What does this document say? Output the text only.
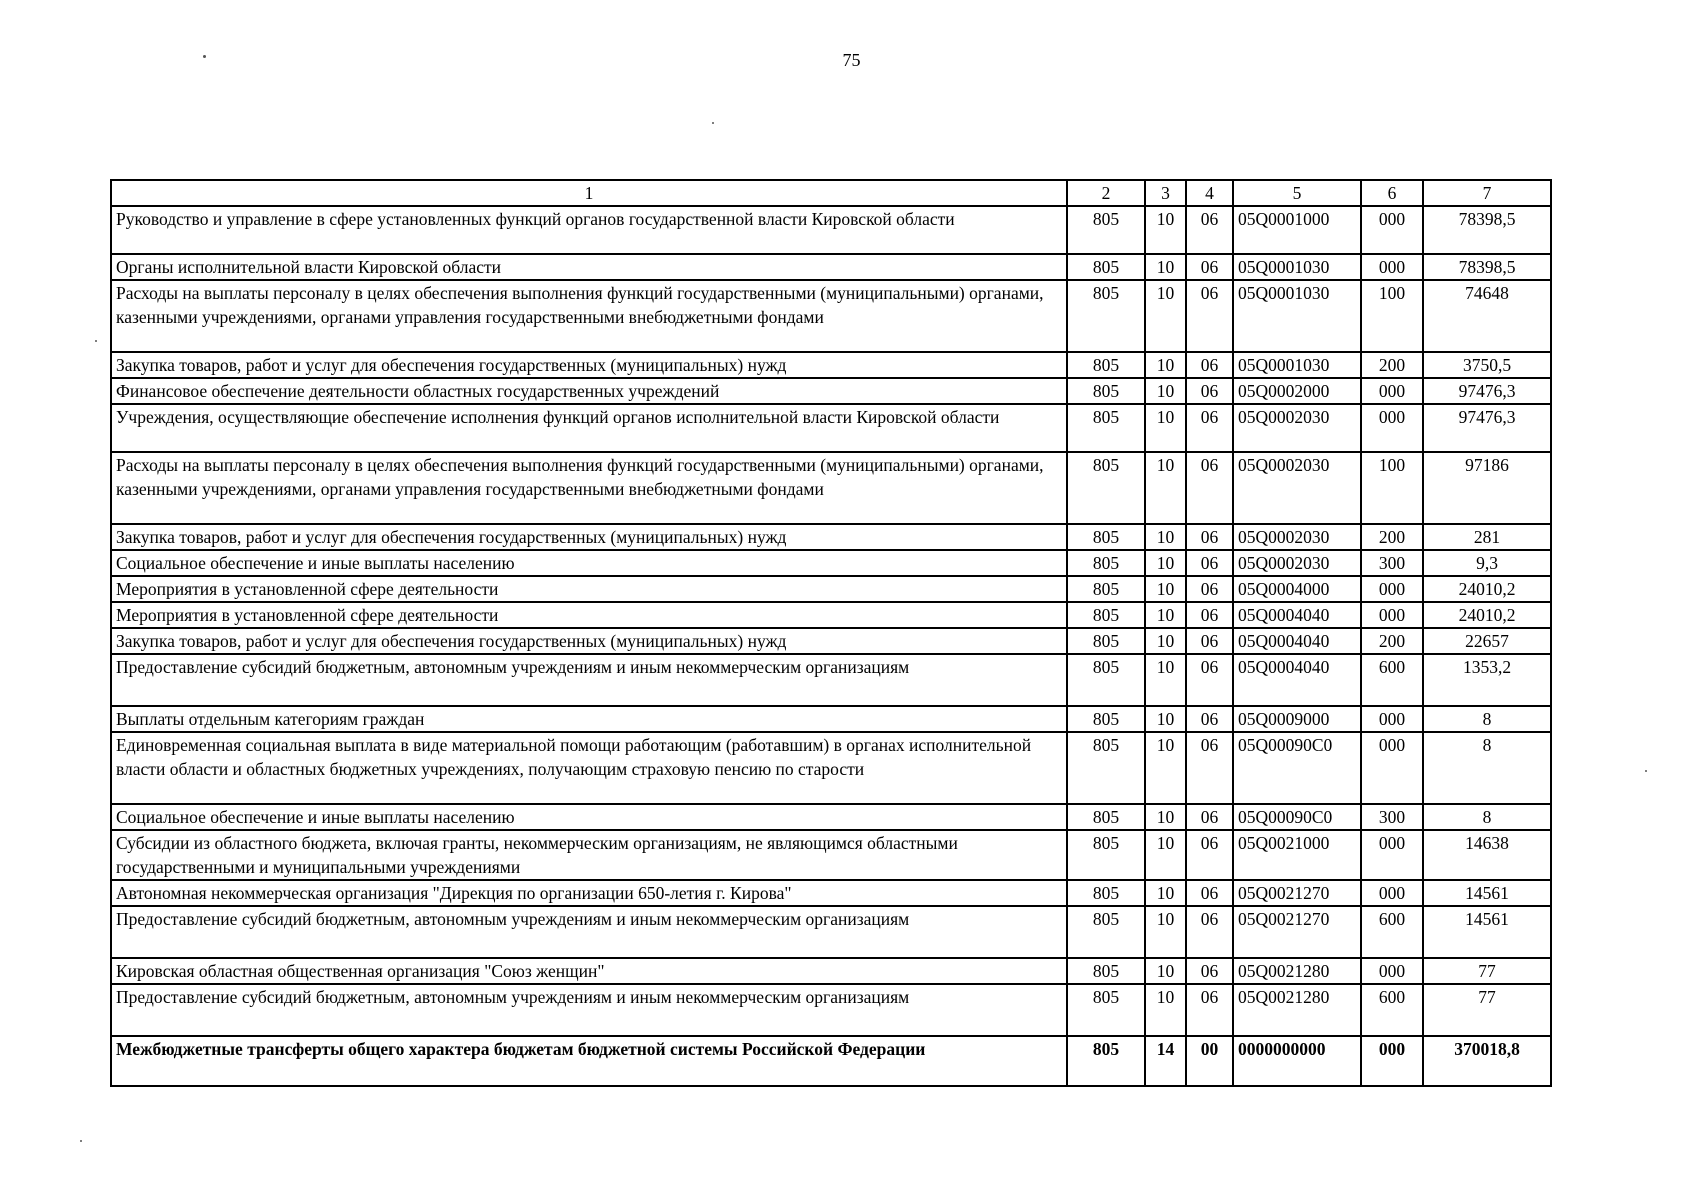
75
1	2	3	4	5	6	7
Руководство и управление в сфере установленных функций органов государственной власти Кировской области	805	10	06	05Q0001000	000	78398,5
Органы исполнительной власти Кировской области	805	10	06	05Q0001030	000	78398,5
Расходы на выплаты персоналу в целях обеспечения выполнения функций государственными (муниципальными) органами, казенными учреждениями, органами управления государственными внебюджетными фондами	805	10	06	05Q0001030	100	74648
Закупка товаров, работ и услуг для обеспечения государственных (муниципальных) нужд	805	10	06	05Q0001030	200	3750,5
Финансовое обеспечение деятельности областных государственных учреждений	805	10	06	05Q0002000	000	97476,3
Учреждения, осуществляющие обеспечение исполнения функций органов исполнительной власти Кировской области	805	10	06	05Q0002030	000	97476,3
Расходы на выплаты персоналу в целях обеспечения выполнения функций государственными (муниципальными) органами, казенными учреждениями, органами управления государственными внебюджетными фондами	805	10	06	05Q0002030	100	97186
Закупка товаров, работ и услуг для обеспечения государственных (муниципальных) нужд	805	10	06	05Q0002030	200	281
Социальное обеспечение и иные выплаты населению	805	10	06	05Q0002030	300	9,3
Мероприятия в установленной сфере деятельности	805	10	06	05Q0004000	000	24010,2
Мероприятия в установленной сфере деятельности	805	10	06	05Q0004040	000	24010,2
Закупка товаров, работ и услуг для обеспечения государственных (муниципальных) нужд	805	10	06	05Q0004040	200	22657
Предоставление субсидий бюджетным, автономным учреждениям и иным некоммерческим организациям	805	10	06	05Q0004040	600	1353,2
Выплаты отдельным категориям граждан	805	10	06	05Q0009000	000	8
Единовременная социальная выплата в виде материальной помощи работающим (работавшим) в органах исполнительной власти области и областных бюджетных учреждениях, получающим страховую пенсию по старости	805	10	06	05Q00090C0	000	8
Социальное обеспечение и иные выплаты населению	805	10	06	05Q00090C0	300	8
Субсидии из областного бюджета, включая гранты, некоммерческим организациям, не являющимся областными государственными и муниципальными учреждениями	805	10	06	05Q0021000	000	14638
Автономная некоммерческая организация "Дирекция по организации 650-летия г. Кирова"	805	10	06	05Q0021270	000	14561
Предоставление субсидий бюджетным, автономным учреждениям и иным некоммерческим организациям	805	10	06	05Q0021270	600	14561
Кировская областная общественная организация "Союз женщин"	805	10	06	05Q0021280	000	77
Предоставление субсидий бюджетным, автономным учреждениям и иным некоммерческим организациям	805	10	06	05Q0021280	600	77
Межбюджетные трансферты общего характера бюджетам бюджетной системы Российской Федерации	805	14	00	0000000000	000	370018,8
